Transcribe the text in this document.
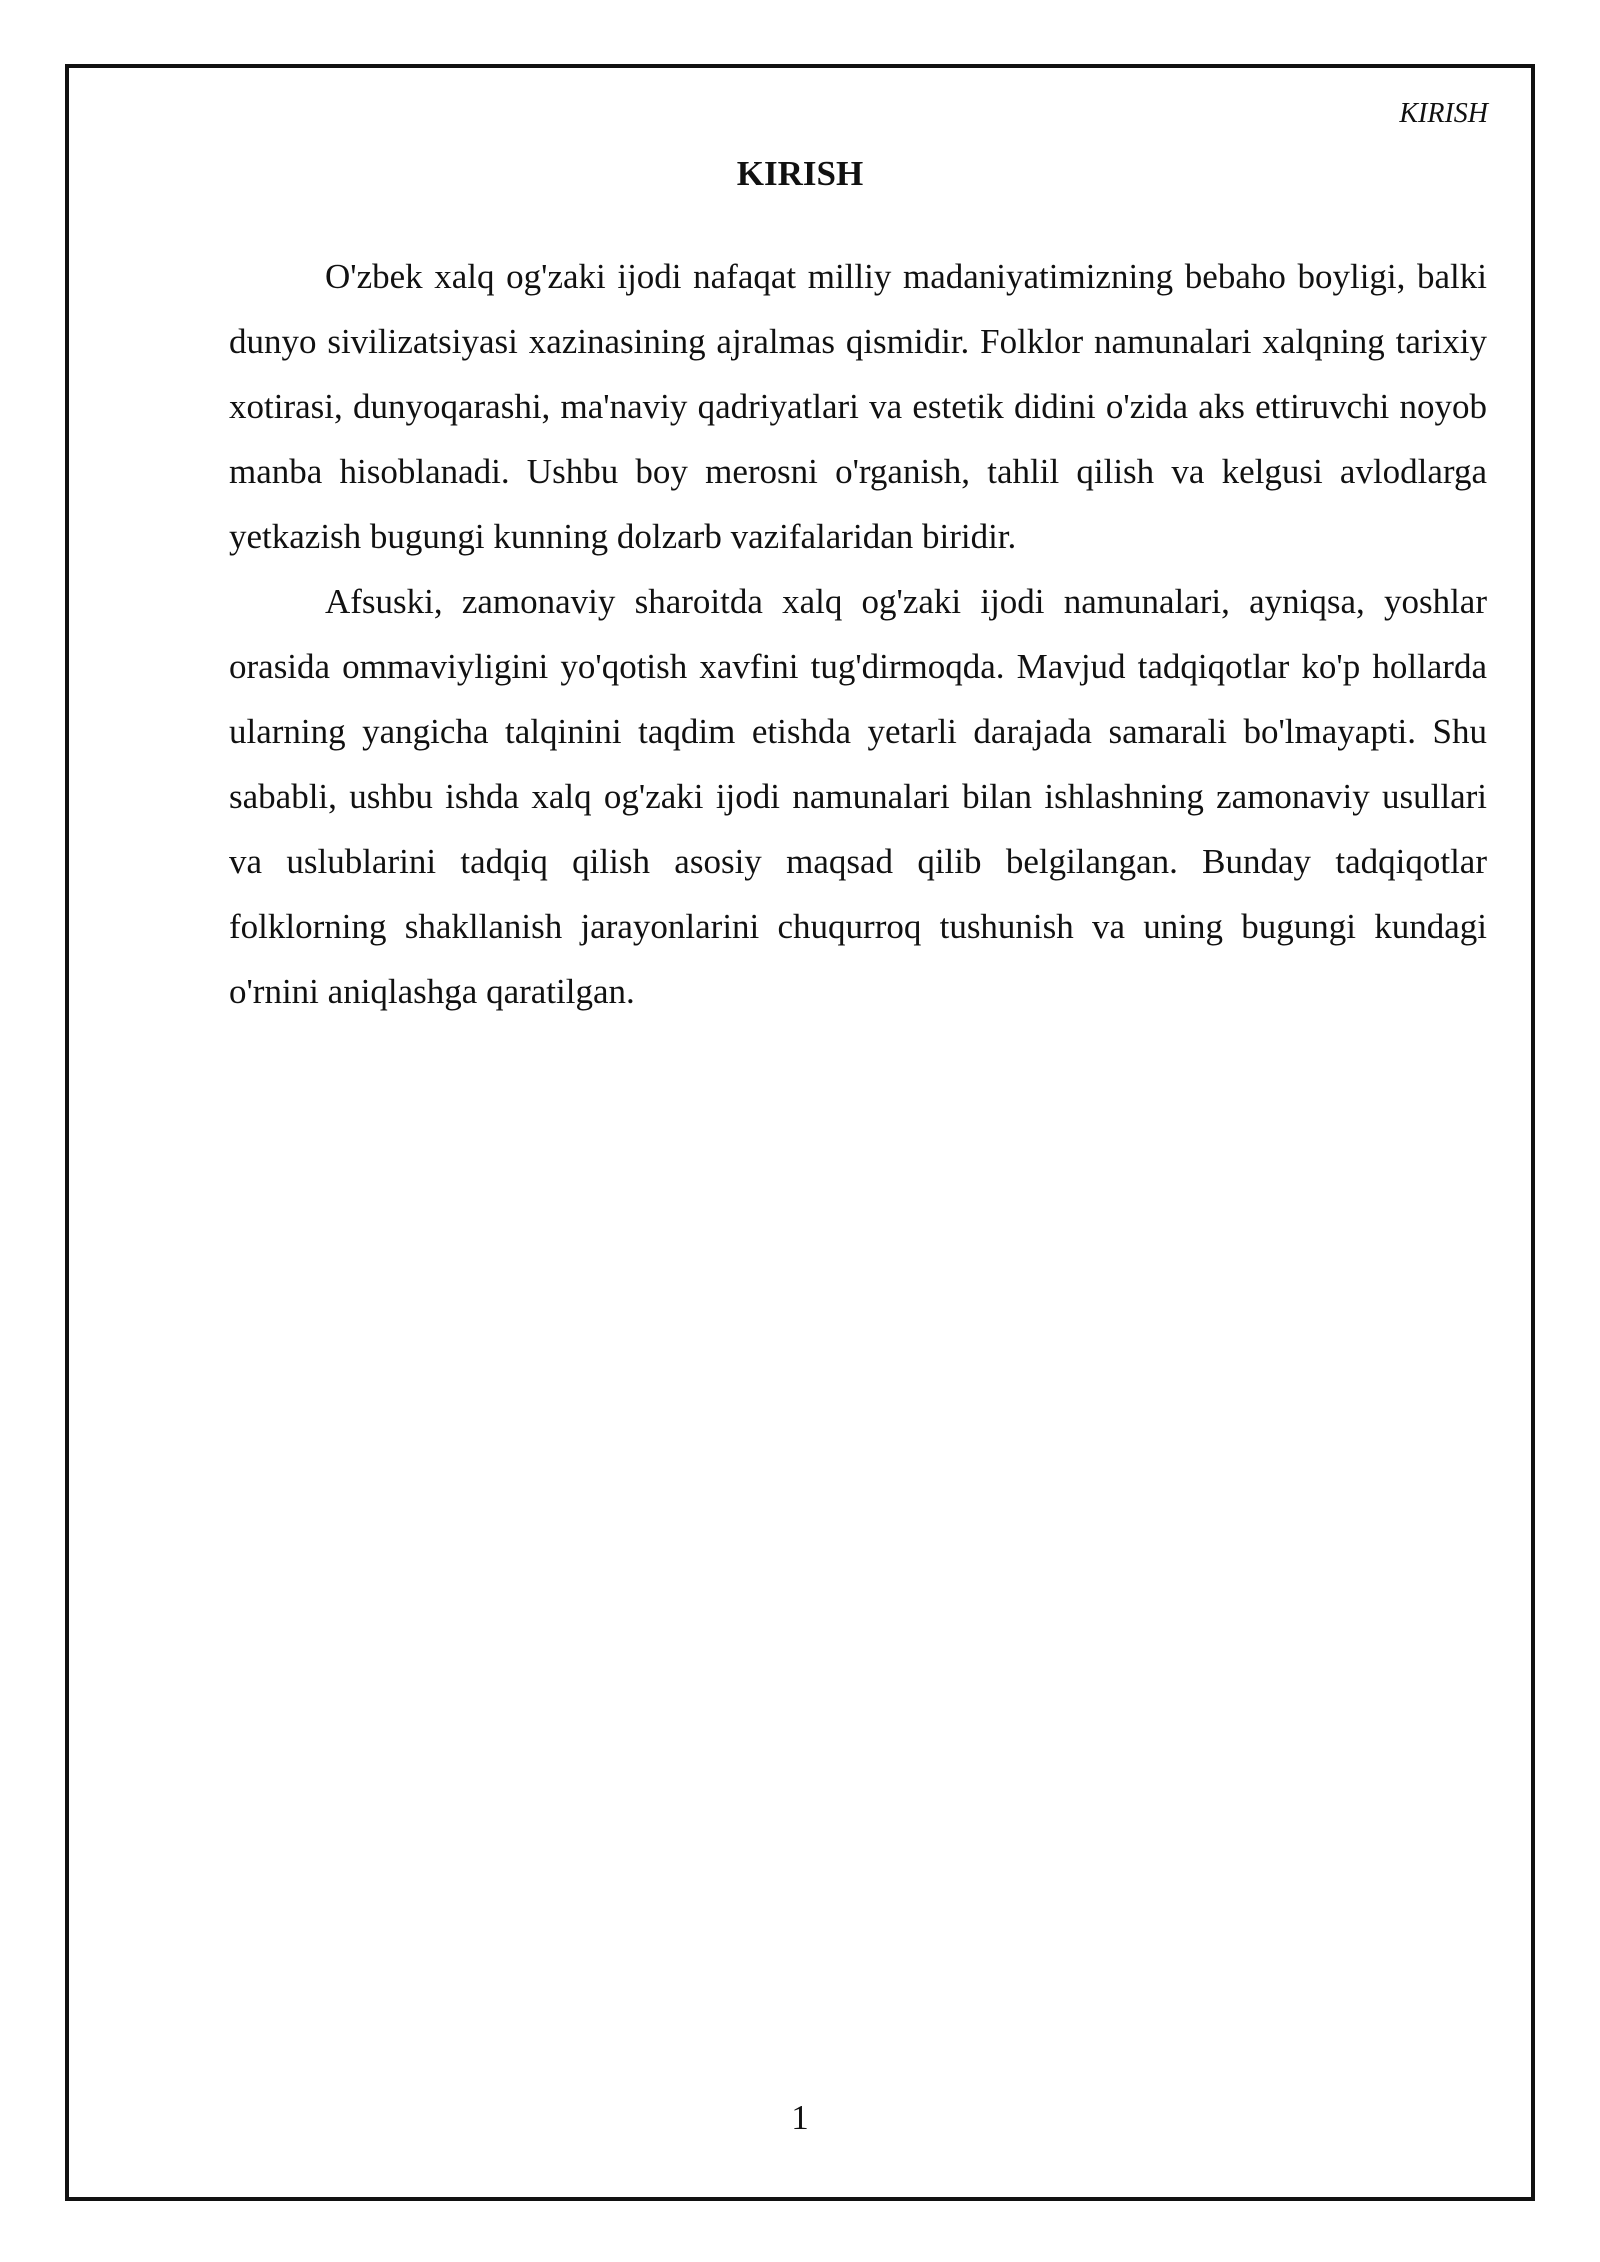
KIRISH
KIRISH

O'zbek xalq og'zaki ijodi nafaqat milliy madaniyatimizning bebaho boyligi, balki dunyo sivilizatsiyasi xazinasining ajralmas qismidir. Folklor namunalari xalqning tarixiy xotirasi, dunyoqarashi, ma'naviy qadriyatlari va estetik didini o'zida aks ettiruvchi noyob manba hisoblanadi. Ushbu boy merosni o'rganish, tahlil qilish va kelgusi avlodlarga yetkazish bugungi kunning dolzarb vazifalaridan biridir.

Afsuski, zamonaviy sharoitda xalq og'zaki ijodi namunalari, ayniqsa, yoshlar orasida ommaviyligini yo'qotish xavfini tug'dirmoqda. Mavjud tadqiqotlar ko'p hollarda ularning yangicha talqinini taqdim etishda yetarli darajada samarali bo'lmayapti. Shu sababli, ushbu ishda xalq og'zaki ijodi namunalari bilan ishlashning zamonaviy usullari va uslublarini tadqiq qilish asosiy maqsad qilib belgilangan. Bunday tadqiqotlar folklorning shakllanish jarayonlarini chuqurroq tushunish va uning bugungi kundagi o'rnini aniqlashga qaratilgan.

1
